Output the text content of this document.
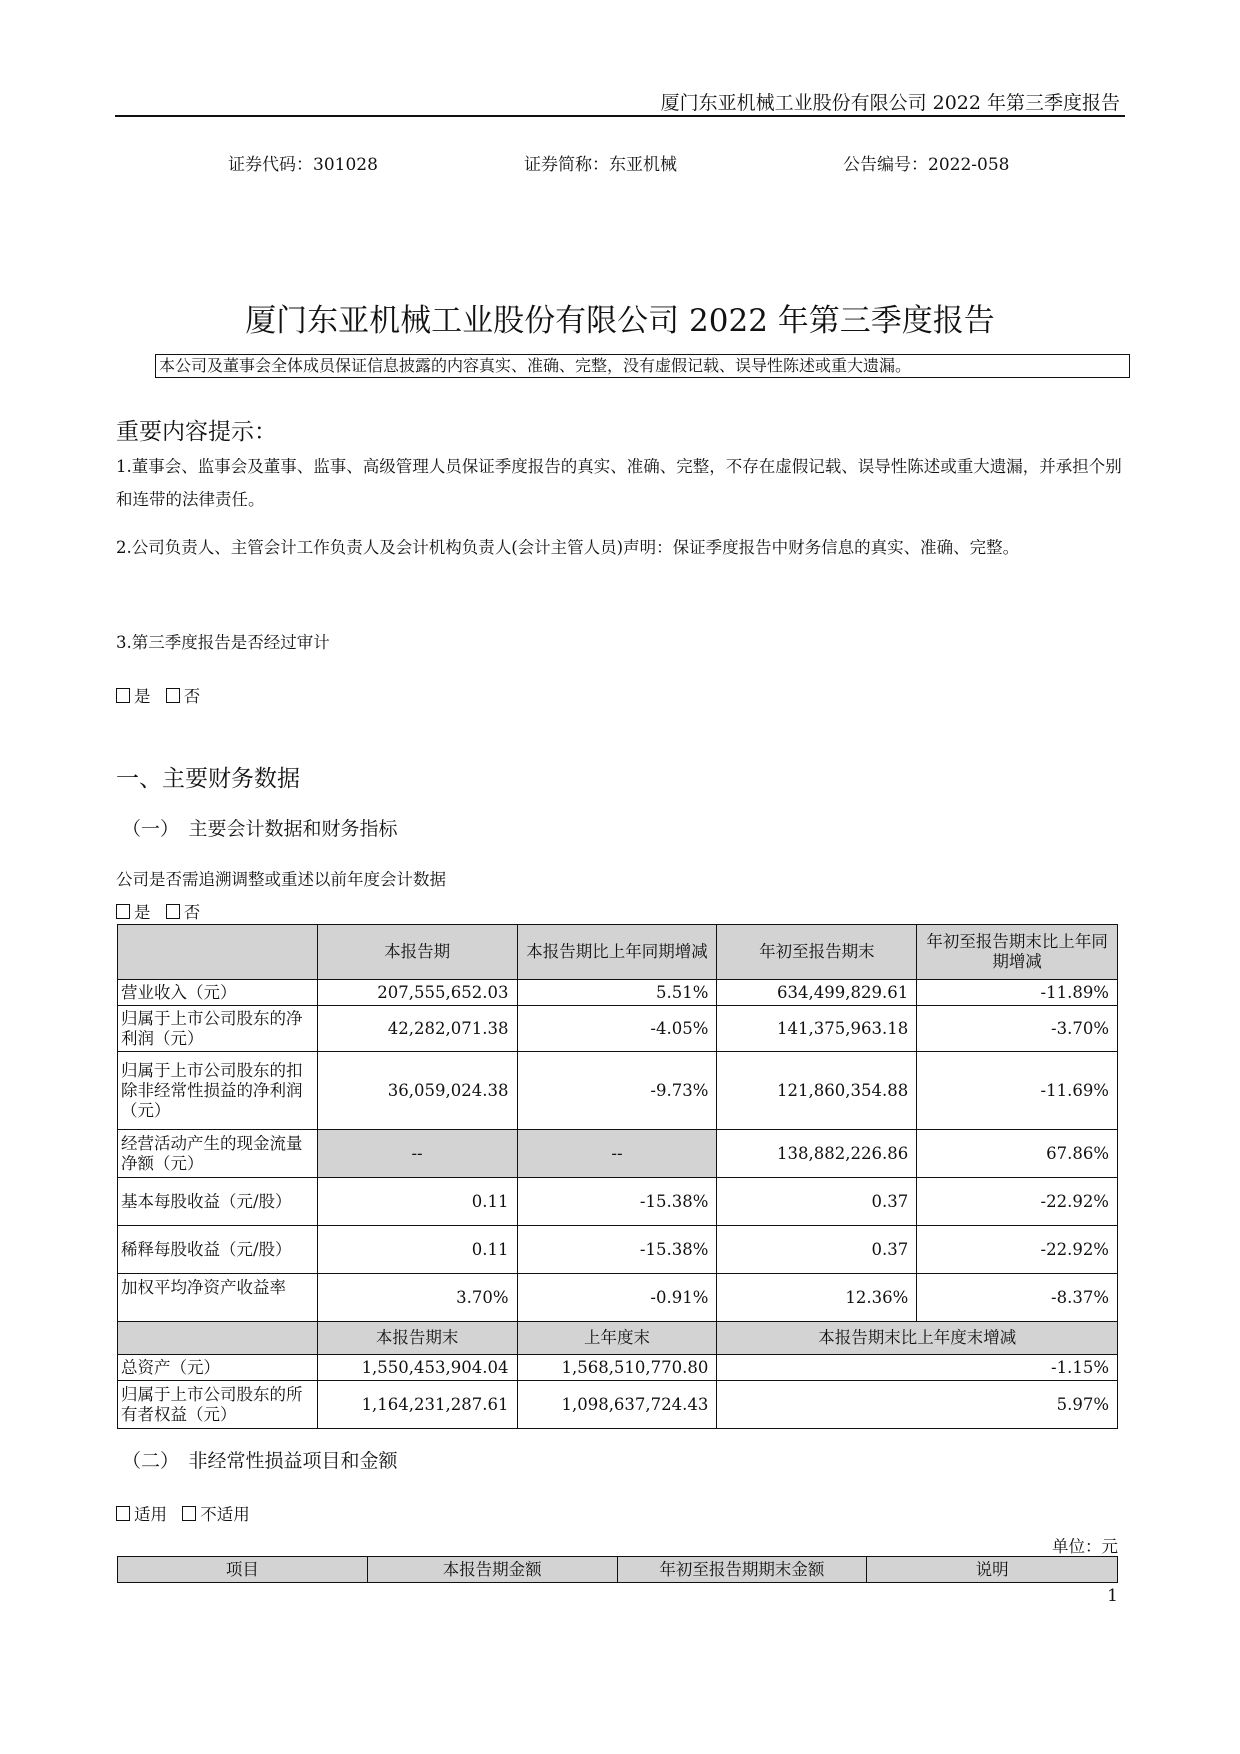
厦门东亚机械工业股份有限公司 2022 年第三季度报告
证券代码：301028	证券简称：东亚机械	公告编号：2022-058
厦门东亚机械工业股份有限公司 2022 年第三季度报告
本公司及董事会全体成员保证信息披露的内容真实、准确、完整，没有虚假记载、误导性陈述或重大遗漏。
重要内容提示：
1.董事会、监事会及董事、监事、高级管理人员保证季度报告的真实、准确、完整，不存在虚假记载、误导性陈述或重大遗漏，并承担个别和连带的法律责任。
2.公司负责人、主管会计工作负责人及会计机构负责人(会计主管人员)声明：保证季度报告中财务信息的真实、准确、完整。
3.第三季度报告是否经过审计
是 否
一、主要财务数据
（一）　主要会计数据和财务指标
公司是否需追溯调整或重述以前年度会计数据
是 否
	本报告期	本报告期比上年同期增减	年初至报告期末	年初至报告期末比上年同期增减
营业收入（元）	207,555,652.03	5.51%	634,499,829.61	-11.89%
归属于上市公司股东的净利润（元）	42,282,071.38	-4.05%	141,375,963.18	-3.70%
归属于上市公司股东的扣除非经常性损益的净利润（元）	36,059,024.38	-9.73%	121,860,354.88	-11.69%
经营活动产生的现金流量净额（元）	--	--	138,882,226.86	67.86%
基本每股收益（元/股）	0.11	-15.38%	0.37	-22.92%
稀释每股收益（元/股）	0.11	-15.38%	0.37	-22.92%
加权平均净资产收益率	3.70%	-0.91%	12.36%	-8.37%
	本报告期末	上年度末	本报告期末比上年度末增减	
总资产（元）	1,550,453,904.04	1,568,510,770.80	-1.15%	
归属于上市公司股东的所有者权益（元）	1,164,231,287.61	1,098,637,724.43	5.97%	
（二）　非经常性损益项目和金额
适用 不适用
单位：元
项目	本报告期金额	年初至报告期期末金额	说明
1
